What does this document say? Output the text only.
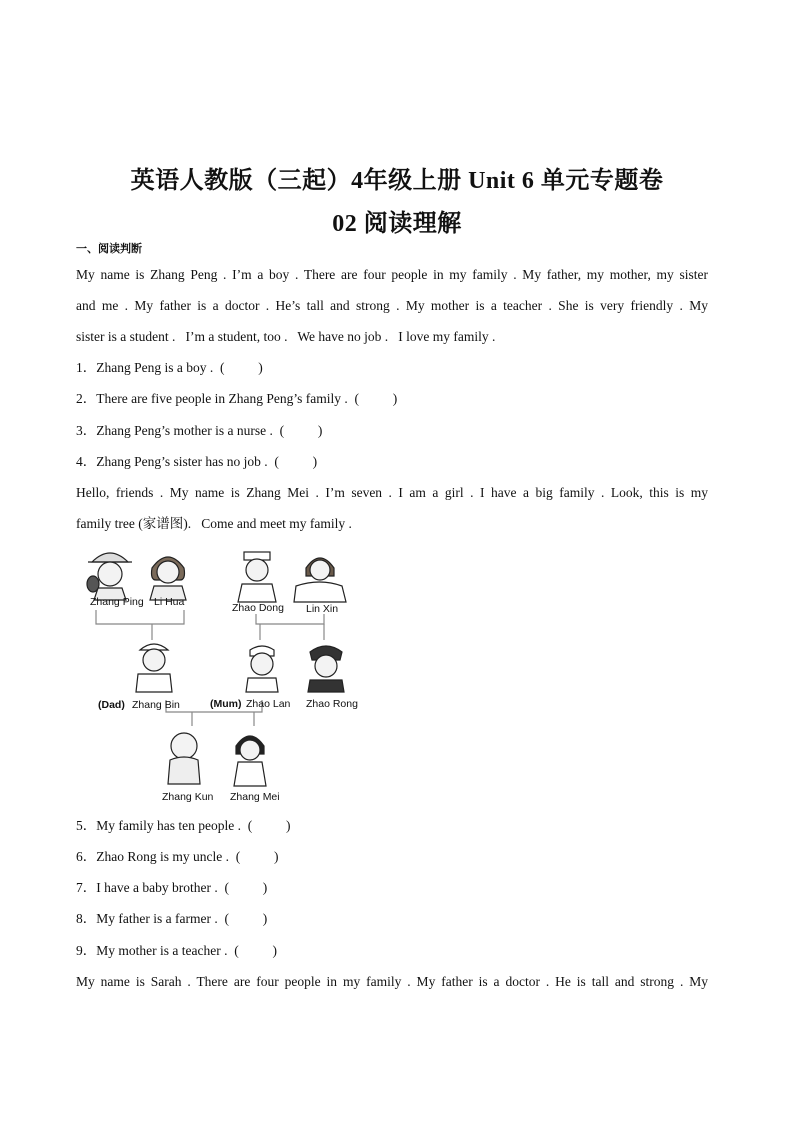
英语人教版（三起）4年级上册 Unit 6 单元专题卷
02 阅读理解
一、阅读判断
My name is Zhang Peng . I’m a boy . There are four people in my family . My father, my mother, my sister
and me . My father is a doctor . He’s tall and strong . My mother is a teacher . She is very friendly . My
sister is a student .   I’m a student, too .   We have no job .   I love my family .
1．Zhang Peng is a boy .  (          )
2．There are five people in Zhang Peng’s family .  (          )
3．Zhang Peng’s mother is a nurse .  (          )
4．Zhang Peng’s sister has no job .  (          )
Hello, friends . My name is Zhang Mei . I’m seven . I am a girl . I have a big family . Look, this is my
family tree (家谱图).   Come and meet my family .
Zhang Ping Li Hua	Zhao Dong Lin Xin
(Dad) Zhang Bin	(Mum) Zhao Lan Zhao Rong
Zhang Kun Zhang Mei
5．My family has ten people .  (          )
6．Zhao Rong is my uncle .  (          )
7．I have a baby brother .  (          )
8．My father is a farmer .  (          )
9．My mother is a teacher .  (          )
My name is Sarah . There are four people in my family . My father is a doctor . He is tall and strong . My
